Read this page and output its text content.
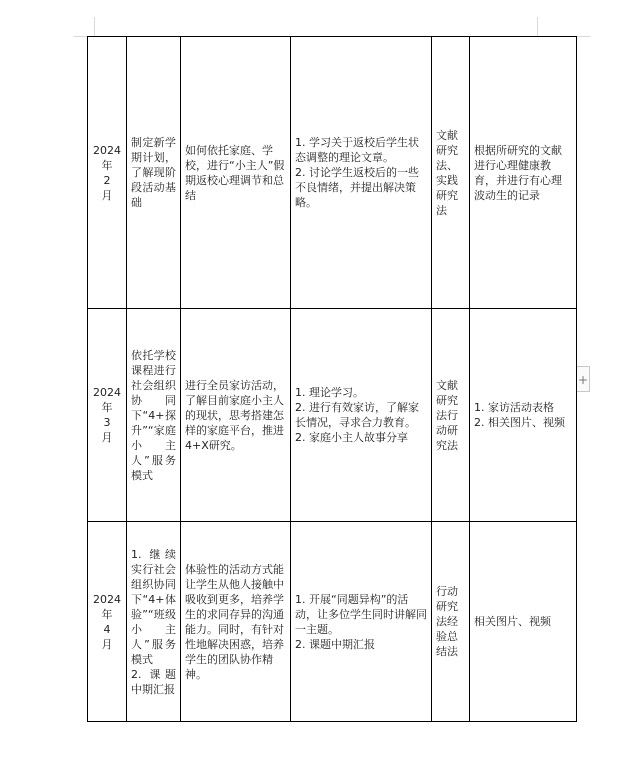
+
2024
年
2
月	制定新学期计划，了解现阶段活动基础	如何依托家庭、学校，进行“小主人”假期返校心理调节和总结	1. 学习关于返校后学生状态调整的理论文章。
2. 讨论学生返校后的一些不良情绪，并提出解决策略。	文献研究法、实践研究法	根据所研究的文献进行心理健康教育，并进行有心理波动生的记录

2024
年
3
月	依托学校课程进行社会组织协同下“4+探升”“家庭小主人”服务模式	进行全员家访活动，了解目前家庭小主人的现状，思考搭建怎样的家庭平台，推进4+X研究。	1. 理论学习。
2. 进行有效家访，了解家长情况，寻求合力教育。
2. 家庭小主人故事分享	文献研究法行动研究法	1. 家访活动表格
2. 相关图片、视频

2024
年
4
月	1. 继续实行社会组织协同下“4+体验”“班级小主人”服务模式
2. 课题中期汇报	体验性的活动方式能让学生从他人接触中吸收到更多，培养学生的求同存异的沟通能力。同时，有针对性地解决困惑，培养学生的团队协作精神。	1. 开展“同题异构”的活动，让多位学生同时讲解同一主题。
2. 课题中期汇报	行动研究法经验总结法	相关图片、视频
